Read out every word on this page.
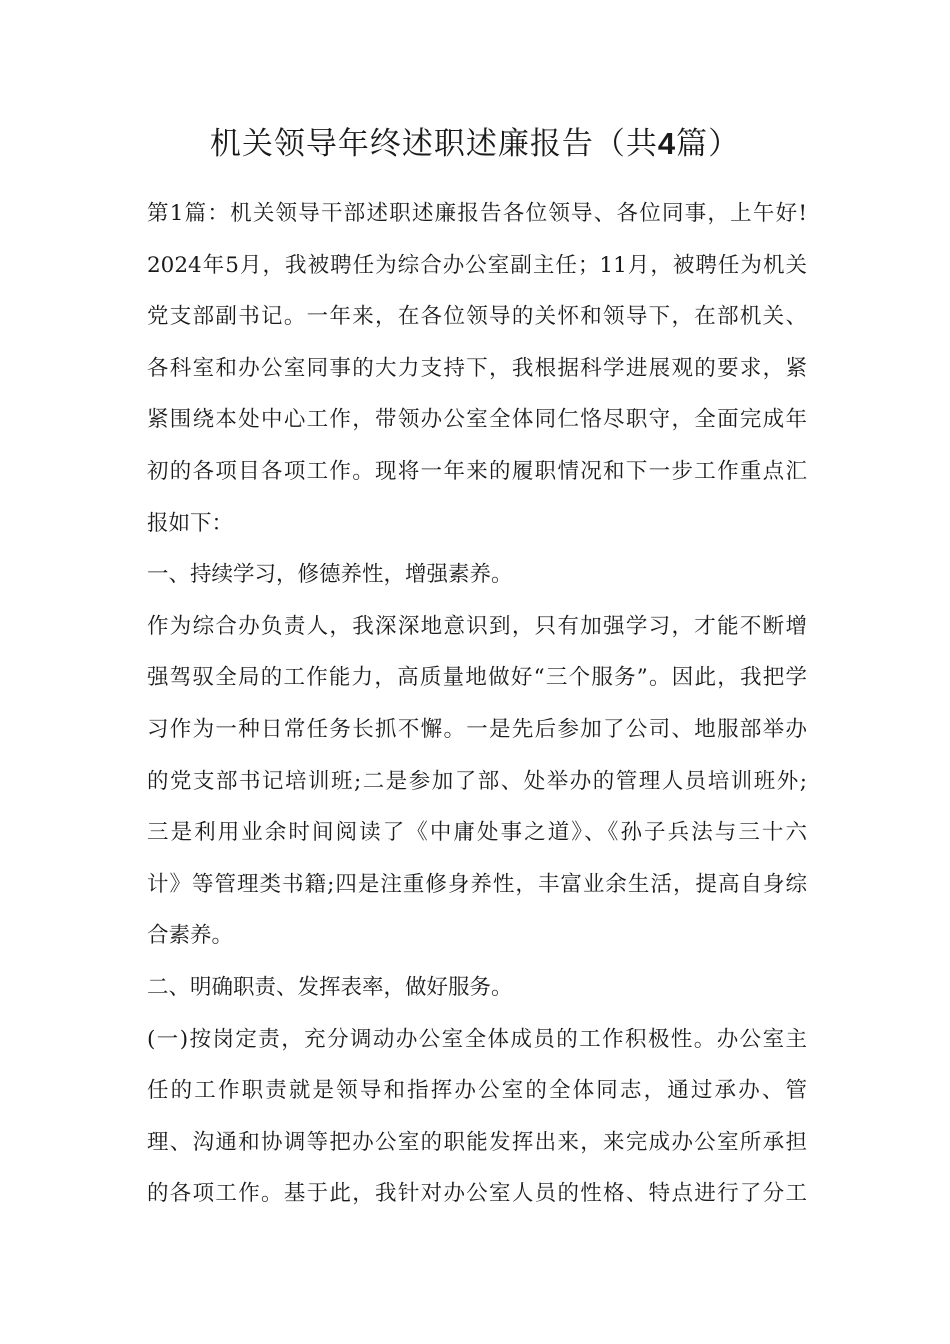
机关领导年终述职述廉报告（共4篇）
第1篇：机关领导干部述职述廉报告各位领导、各位同事，上午好!
2024年5月，我被聘任为综合办公室副主任；11月，被聘任为机关
党支部副书记。一年来，在各位领导的关怀和领导下，在部机关、
各科室和办公室同事的大力支持下，我根据科学进展观的要求，紧
紧围绕本处中心工作，带领办公室全体同仁恪尽职守，全面完成年
初的各项目各项工作。现将一年来的履职情况和下一步工作重点汇
报如下：
一、持续学习，修德养性，增强素养。
作为综合办负责人，我深深地意识到，只有加强学习，才能不断增
强驾驭全局的工作能力，高质量地做好“三个服务”。因此，我把学
习作为一种日常任务长抓不懈。一是先后参加了公司、地服部举办
的党支部书记培训班;二是参加了部、处举办的管理人员培训班外;
三是利用业余时间阅读了《中庸处事之道》、《孙子兵法与三十六
计》等管理类书籍;四是注重修身养性，丰富业余生活，提高自身综
合素养。
二、明确职责、发挥表率，做好服务。
(一)按岗定责，充分调动办公室全体成员的工作积极性。办公室主
任的工作职责就是领导和指挥办公室的全体同志，通过承办、管
理、沟通和协调等把办公室的职能发挥出来，来完成办公室所承担
的各项工作。基于此，我针对办公室人员的性格、特点进行了分工
